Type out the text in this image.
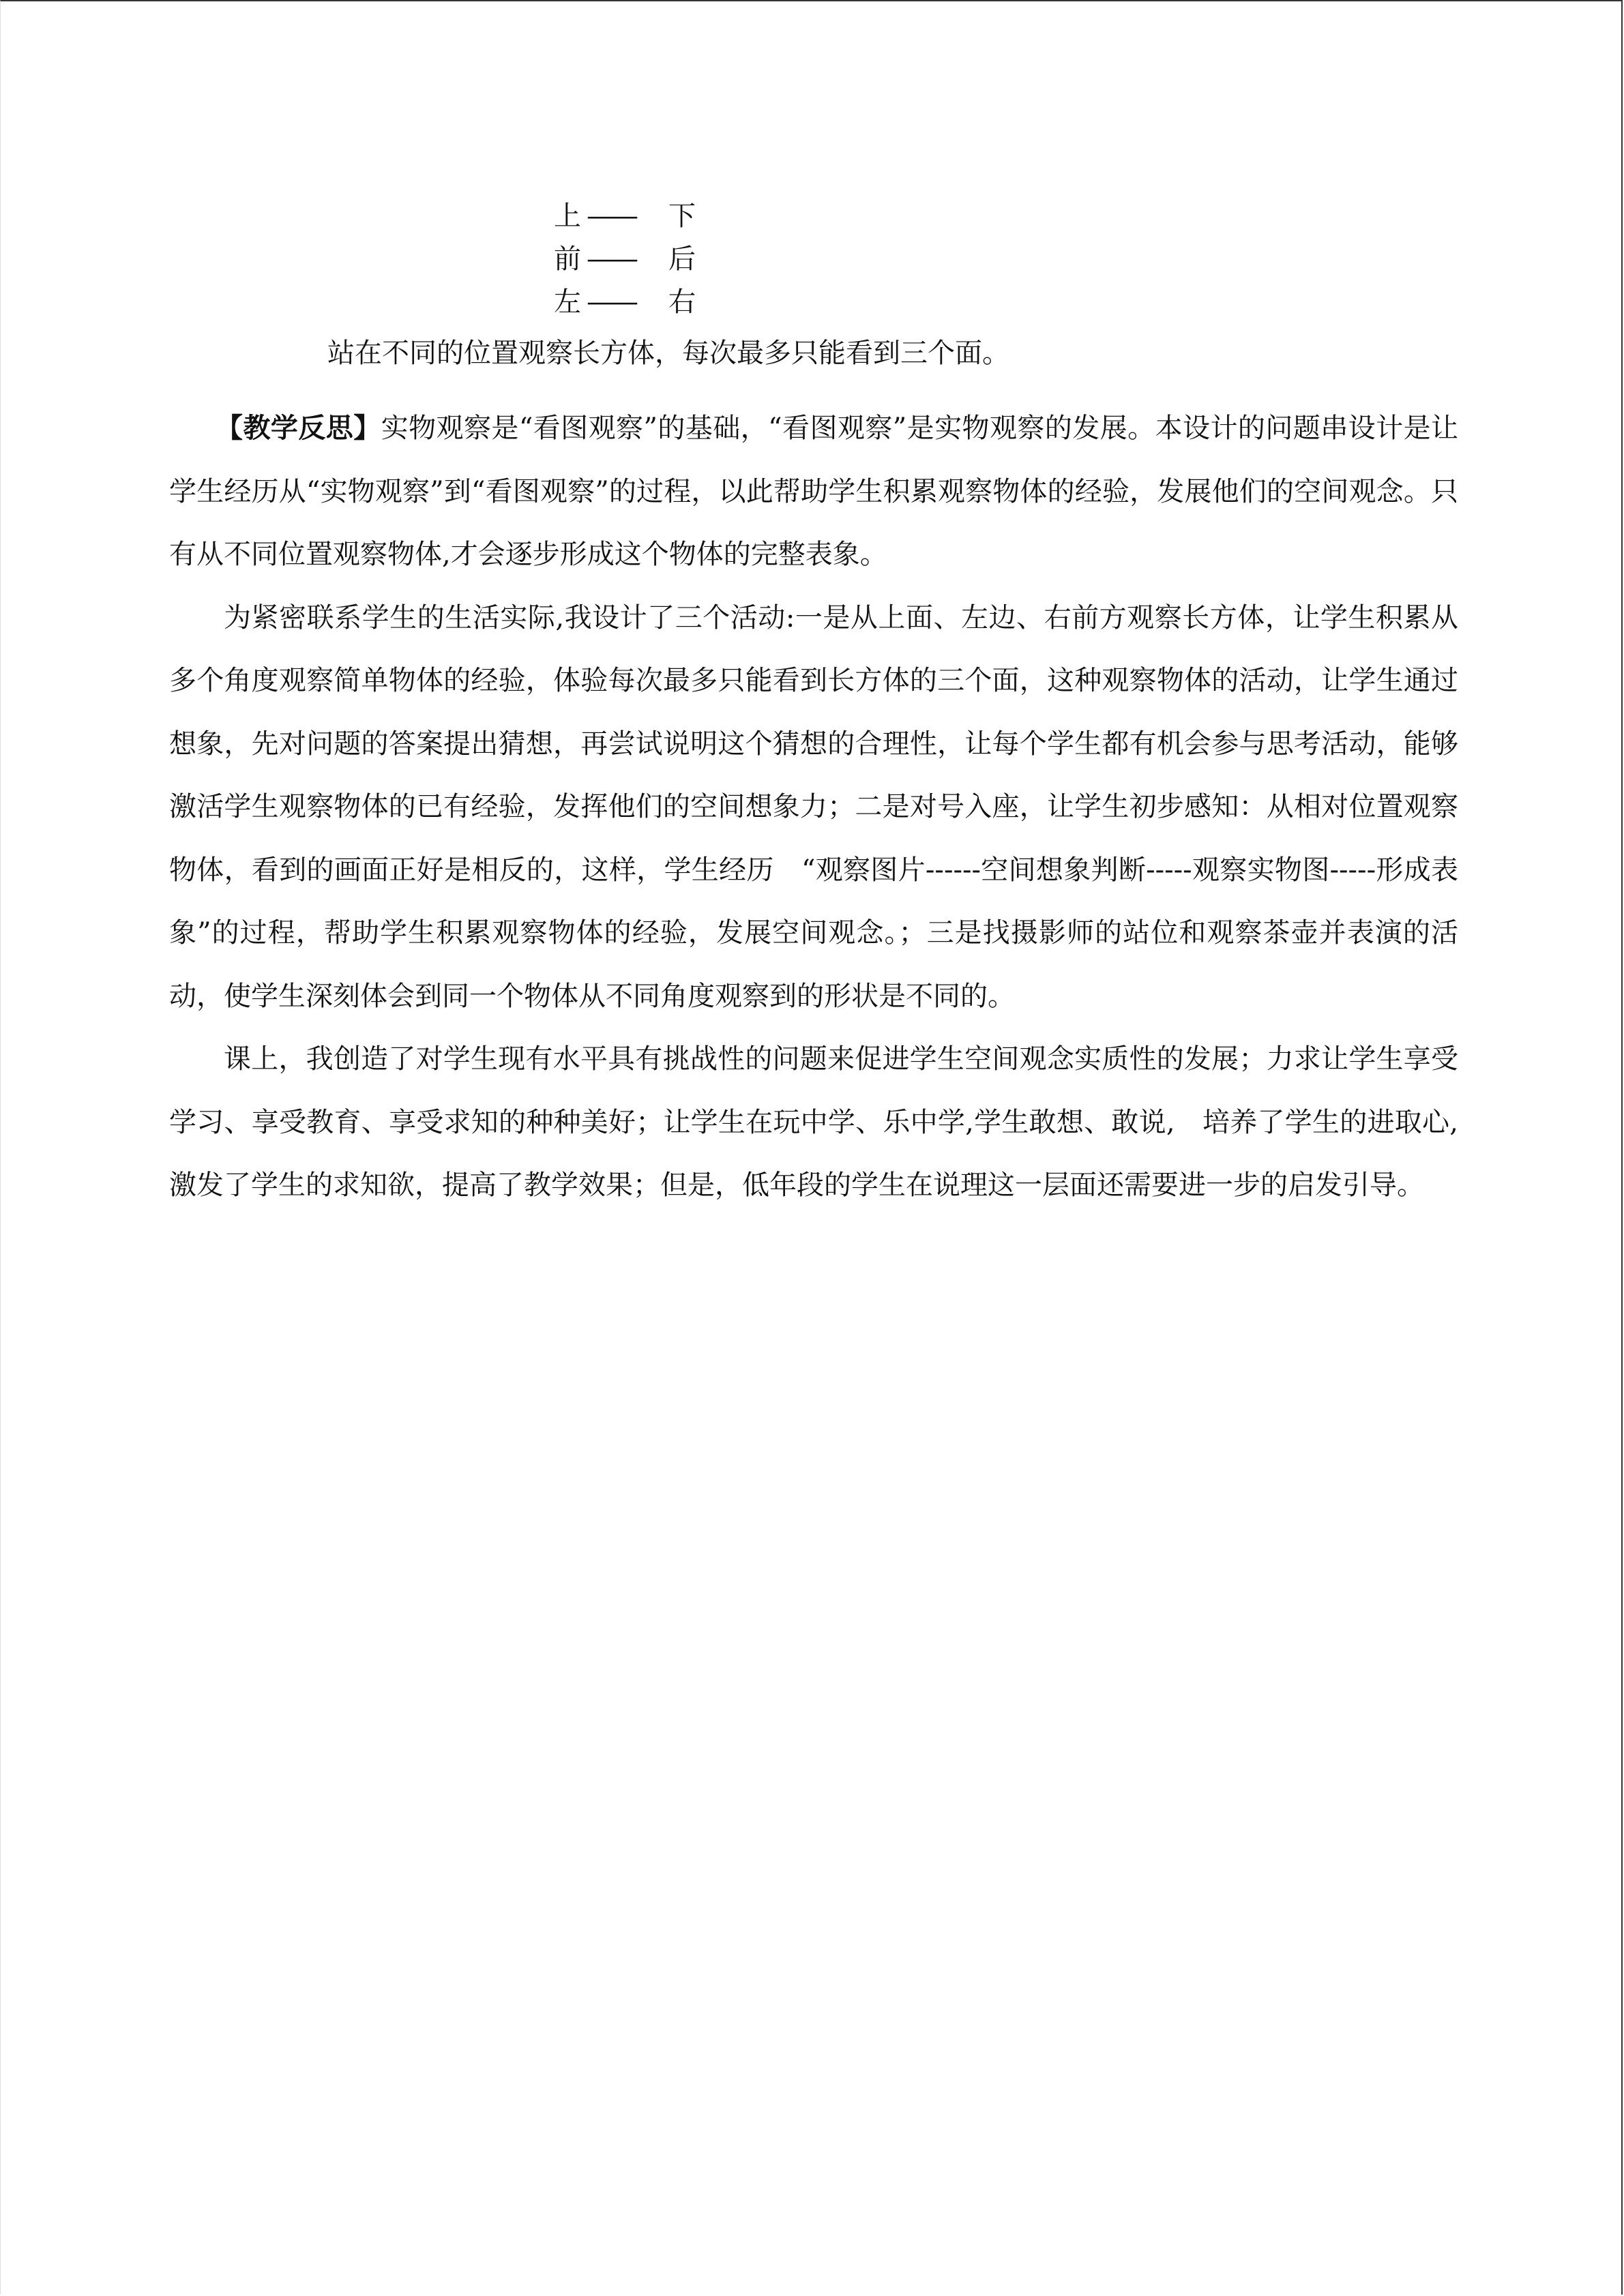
上 ——	下
前 ——	后
左 ——	右
站在不同的位置观察长方体，每次最多只能看到三个面。

【教学反思】实物观察是“看图观察”的基础，“看图观察”是实物观察的发展。本设计的问题串设计是让学生经历从“实物观察”到“看图观察”的过程，以此帮助学生积累观察物体的经验，发展他们的空间观念。只有从不同位置观察物体,才会逐步形成这个物体的完整表象。

为紧密联系学生的生活实际,我设计了三个活动:一是从上面、左边、右前方观察长方体，让学生积累从多个角度观察简单物体的经验，体验每次最多只能看到长方体的三个面，这种观察物体的活动，让学生通过想象，先对问题的答案提出猜想，再尝试说明这个猜想的合理性，让每个学生都有机会参与思考活动，能够激活学生观察物体的已有经验，发挥他们的空间想象力；二是对号入座，让学生初步感知：从相对位置观察物体，看到的画面正好是相反的，这样，学生经历　“观察图片------空间想象判断-----观察实物图-----形成表象”的过程，帮助学生积累观察物体的经验，发展空间观念。；三是找摄影师的站位和观察茶壶并表演的活动，使学生深刻体会到同一个物体从不同角度观察到的形状是不同的。

课上，我创造了对学生现有水平具有挑战性的问题来促进学生空间观念实质性的发展；力求让学生享受学习、享受教育、享受求知的种种美好；让学生在玩中学、乐中学,学生敢想、敢说,　培养了学生的进取心,激发了学生的求知欲，提高了教学效果；但是，低年段的学生在说理这一层面还需要进一步的启发引导。
